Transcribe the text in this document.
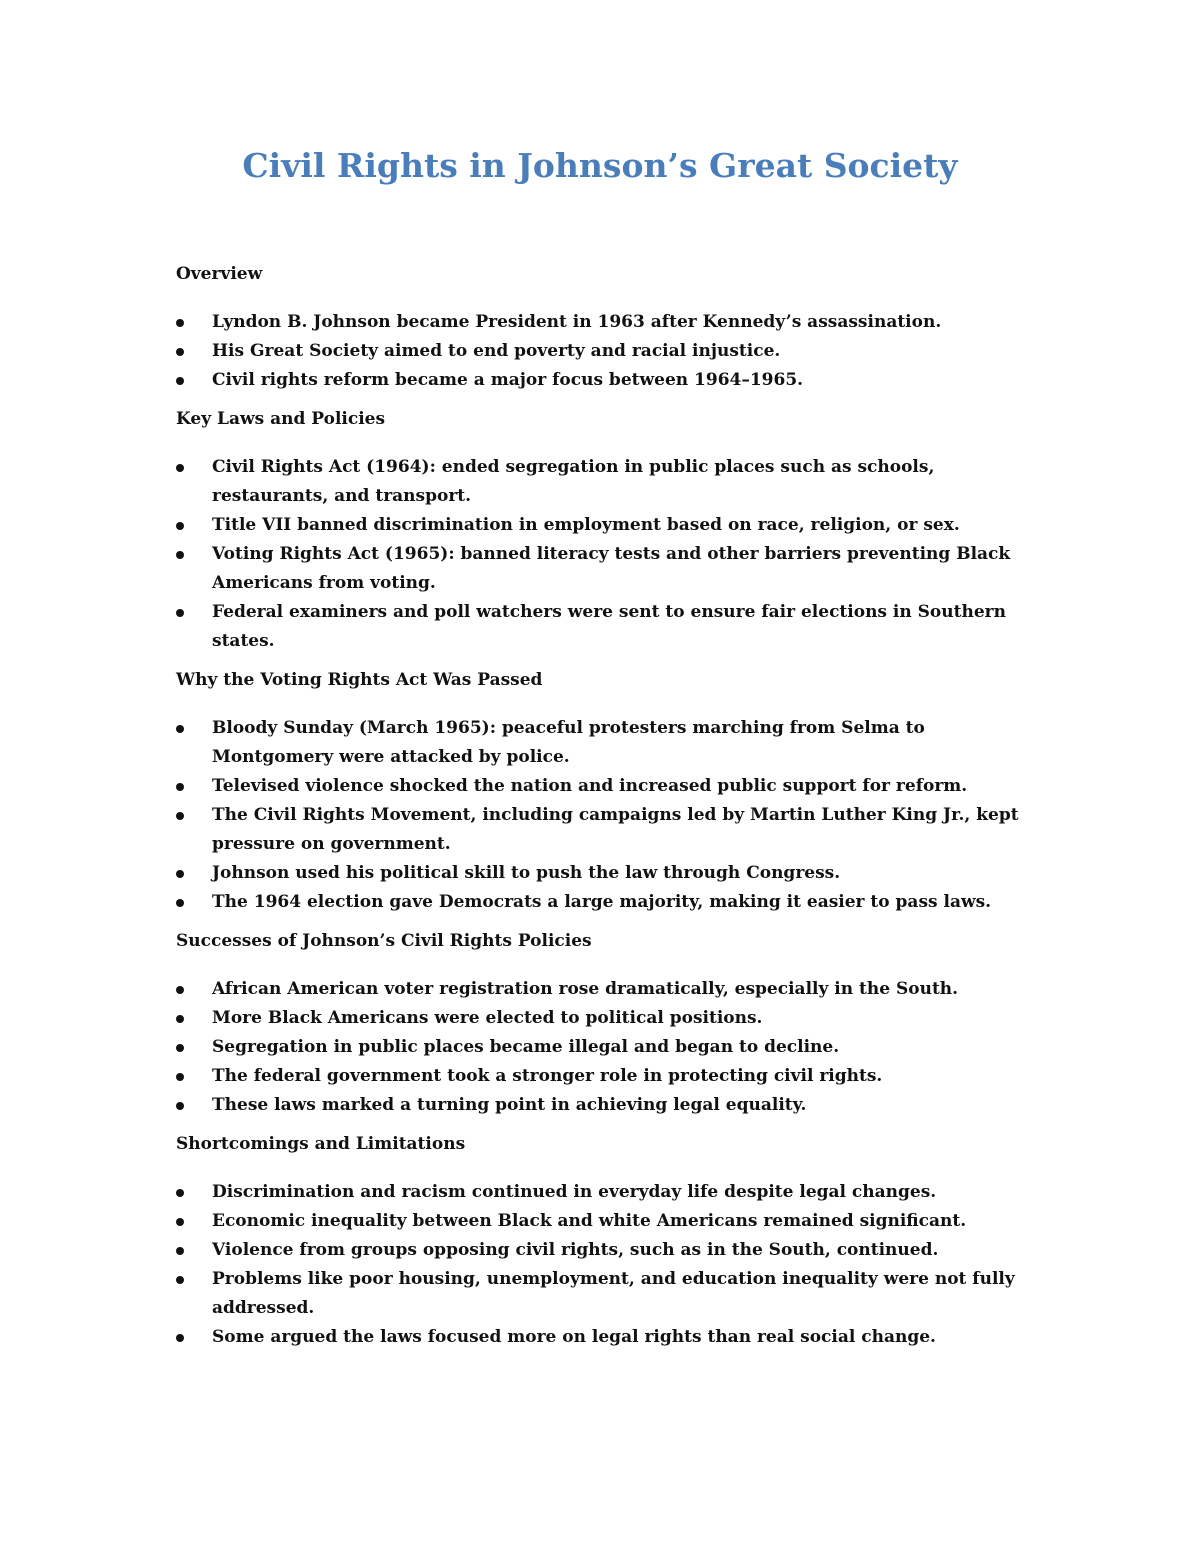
Civil Rights in Johnson’s Great Society
Overview
Lyndon B. Johnson became President in 1963 after Kennedy’s assassination.
His Great Society aimed to end poverty and racial injustice.
Civil rights reform became a major focus between 1964–1965.
Key Laws and Policies
Civil Rights Act (1964): ended segregation in public places such as schools, restaurants, and transport.
Title VII banned discrimination in employment based on race, religion, or sex.
Voting Rights Act (1965): banned literacy tests and other barriers preventing Black Americans from voting.
Federal examiners and poll watchers were sent to ensure fair elections in Southern states.
Why the Voting Rights Act Was Passed
Bloody Sunday (March 1965): peaceful protesters marching from Selma to Montgomery were attacked by police.
Televised violence shocked the nation and increased public support for reform.
The Civil Rights Movement, including campaigns led by Martin Luther King Jr., kept pressure on government.
Johnson used his political skill to push the law through Congress.
The 1964 election gave Democrats a large majority, making it easier to pass laws.
Successes of Johnson’s Civil Rights Policies
African American voter registration rose dramatically, especially in the South.
More Black Americans were elected to political positions.
Segregation in public places became illegal and began to decline.
The federal government took a stronger role in protecting civil rights.
These laws marked a turning point in achieving legal equality.
Shortcomings and Limitations
Discrimination and racism continued in everyday life despite legal changes.
Economic inequality between Black and white Americans remained significant.
Violence from groups opposing civil rights, such as in the South, continued.
Problems like poor housing, unemployment, and education inequality were not fully addressed.
Some argued the laws focused more on legal rights than real social change.
